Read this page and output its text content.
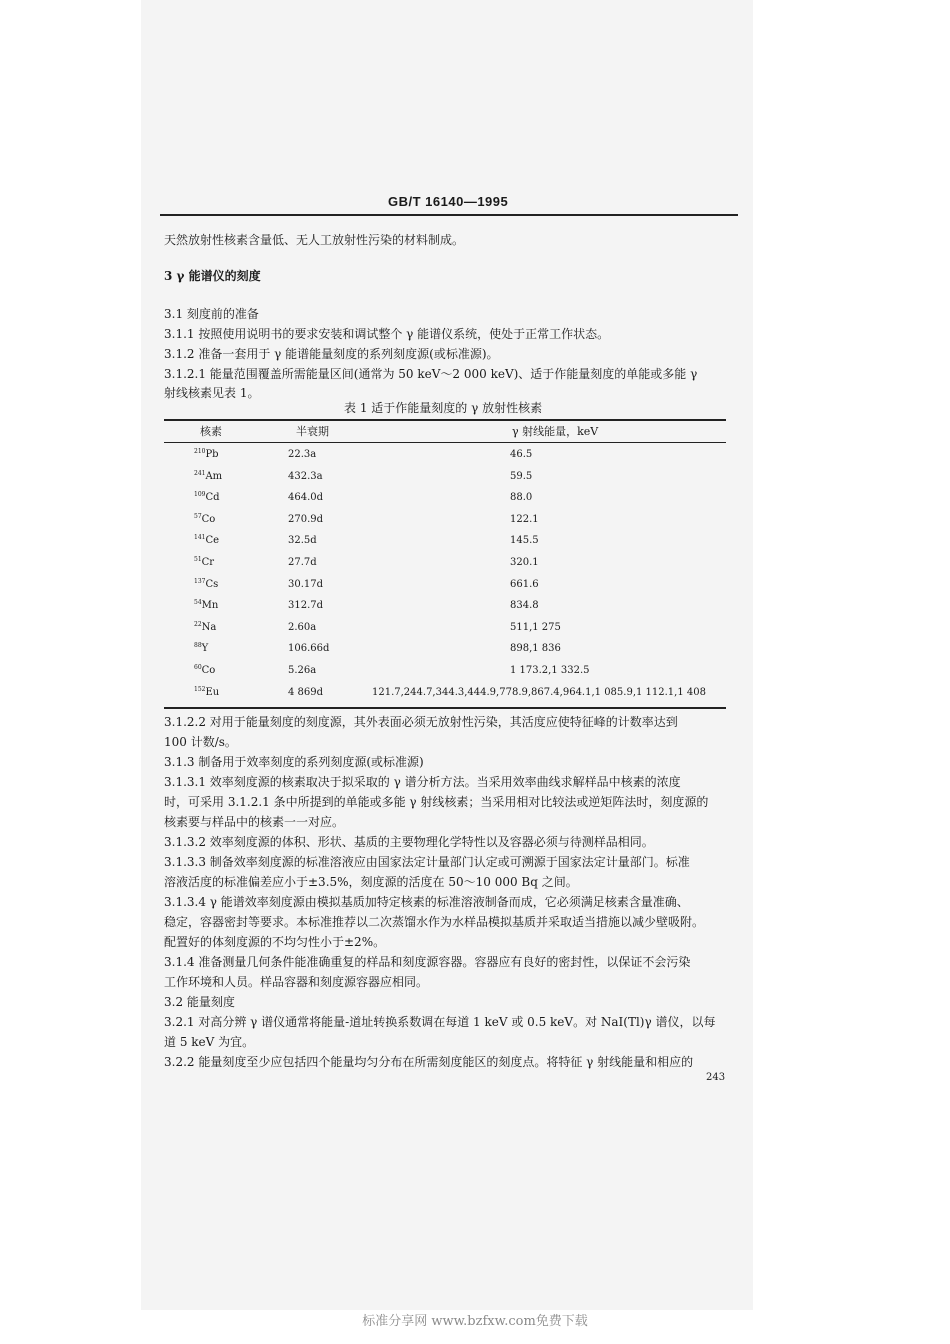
GB/T 16140—1995
天然放射性核素含量低、无人工放射性污染的材料制成。
3 γ 能谱仪的刻度
3.1 刻度前的准备
3.1.1 按照使用说明书的要求安装和调试整个 γ 能谱仪系统，使处于正常工作状态。
3.1.2 准备一套用于 γ 能谱能量刻度的系列刻度源(或标准源)。
3.1.2.1 能量范围覆盖所需能量区间(通常为 50 keV～2 000 keV)、适于作能量刻度的单能或多能 γ
射线核素见表 1。
表 1 适于作能量刻度的 γ 放射性核素
核素	半衰期	γ 射线能量，keV
$^{210}$Pb	22.3a	46.5
$^{241}$Am	432.3a	59.5
$^{109}$Cd	464.0d	88.0
$^{57}$Co	270.9d	122.1
$^{141}$Ce	32.5d	145.5
$^{51}$Cr	27.7d	320.1
$^{137}$Cs	30.17d	661.6
$^{54}$Mn	312.7d	834.8
$^{22}$Na	2.60a	511,1 275
$^{88}$Y	106.66d	898,1 836
$^{60}$Co	5.26a	1 173.2,1 332.5
$^{152}$Eu	4 869d	121.7,244.7,344.3,444.9,778.9,867.4,964.1,1 085.9,1 112.1,1 408
3.1.2.2 对用于能量刻度的刻度源，其外表面必须无放射性污染，其活度应使特征峰的计数率达到
100 计数/s。
3.1.3 制备用于效率刻度的系列刻度源(或标准源)
3.1.3.1 效率刻度源的核素取决于拟采取的 γ 谱分析方法。当采用效率曲线求解样品中核素的浓度
时，可采用 3.1.2.1 条中所提到的单能或多能 γ 射线核素；当采用相对比较法或逆矩阵法时，刻度源的
核素要与样品中的核素一一对应。
3.1.3.2 效率刻度源的体积、形状、基质的主要物理化学特性以及容器必须与待测样品相同。
3.1.3.3 制备效率刻度源的标准溶液应由国家法定计量部门认定或可溯源于国家法定计量部门。标准
溶液活度的标准偏差应小于±3.5%，刻度源的活度在 50～10 000 Bq 之间。
3.1.3.4 γ 能谱效率刻度源由模拟基质加特定核素的标准溶液制备而成，它必须满足核素含量准确、
稳定，容器密封等要求。本标准推荐以二次蒸馏水作为水样品模拟基质并采取适当措施以减少壁吸附。
配置好的体刻度源的不均匀性小于±2%。
3.1.4 准备测量几何条件能准确重复的样品和刻度源容器。容器应有良好的密封性，以保证不会污染
工作环境和人员。样品容器和刻度源容器应相同。
3.2 能量刻度
3.2.1 对高分辨 γ 谱仪通常将能量-道址转换系数调在每道 1 keV 或 0.5 keV。对 NaI(Tl)γ 谱仪，以每
道 5 keV 为宜。
3.2.2 能量刻度至少应包括四个能量均匀分布在所需刻度能区的刻度点。将特征 γ 射线能量和相应的
243
标准分享网 www.bzfxw.com免费下载
